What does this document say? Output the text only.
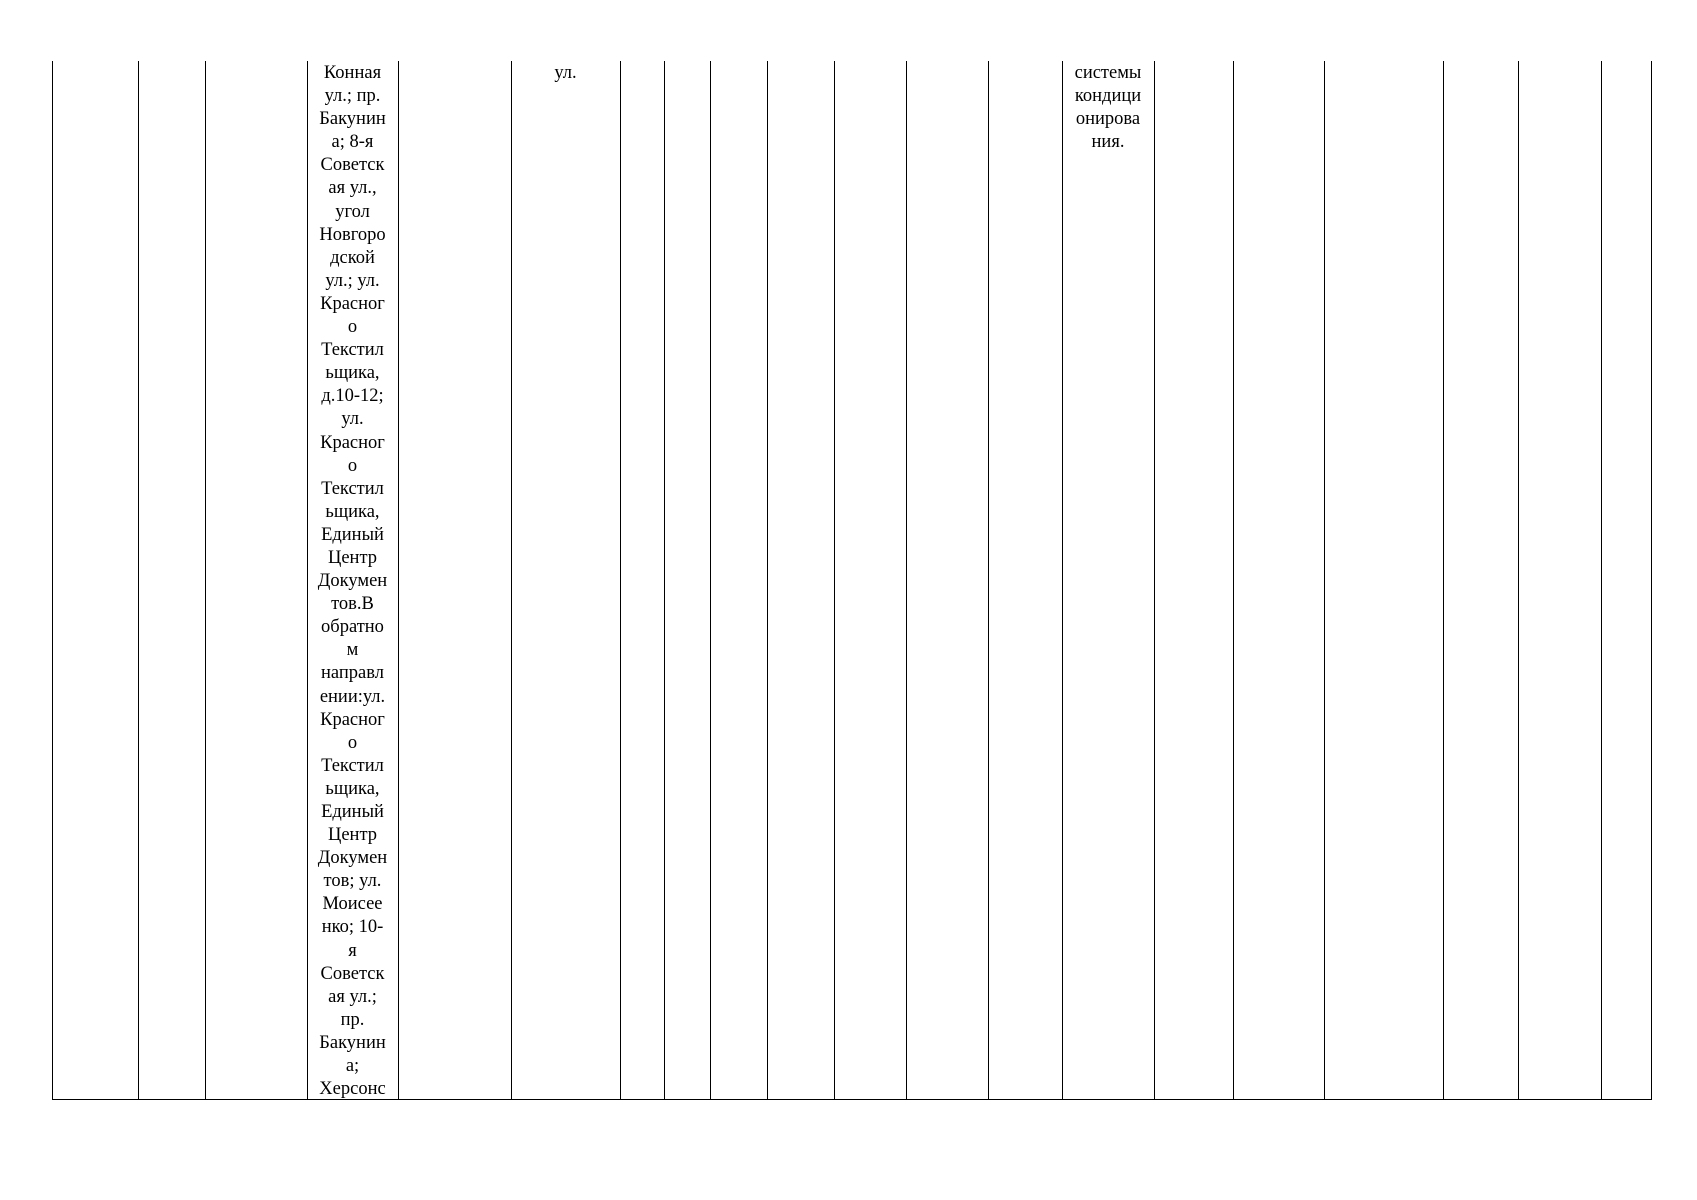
Конная
ул.; пр.
Бакунин
а; 8-я
Советск
ая ул.,
угол
Новгоро
дской
ул.; ул.
Красног
о
Текстил
ьщика,
д.10-12;
ул.
Красног
о
Текстил
ьщика,
Единый
Центр
Докумен
тов.В
обратно
м
направл
ении:ул.
Красног
о
Текстил
ьщика,
Единый
Центр
Докумен
тов; ул.
Моисее
нко; 10-
я
Советск
ая ул.;
пр.
Бакунин
а;
Херсонс
ул.	системы
кондици
онирова
ния.
